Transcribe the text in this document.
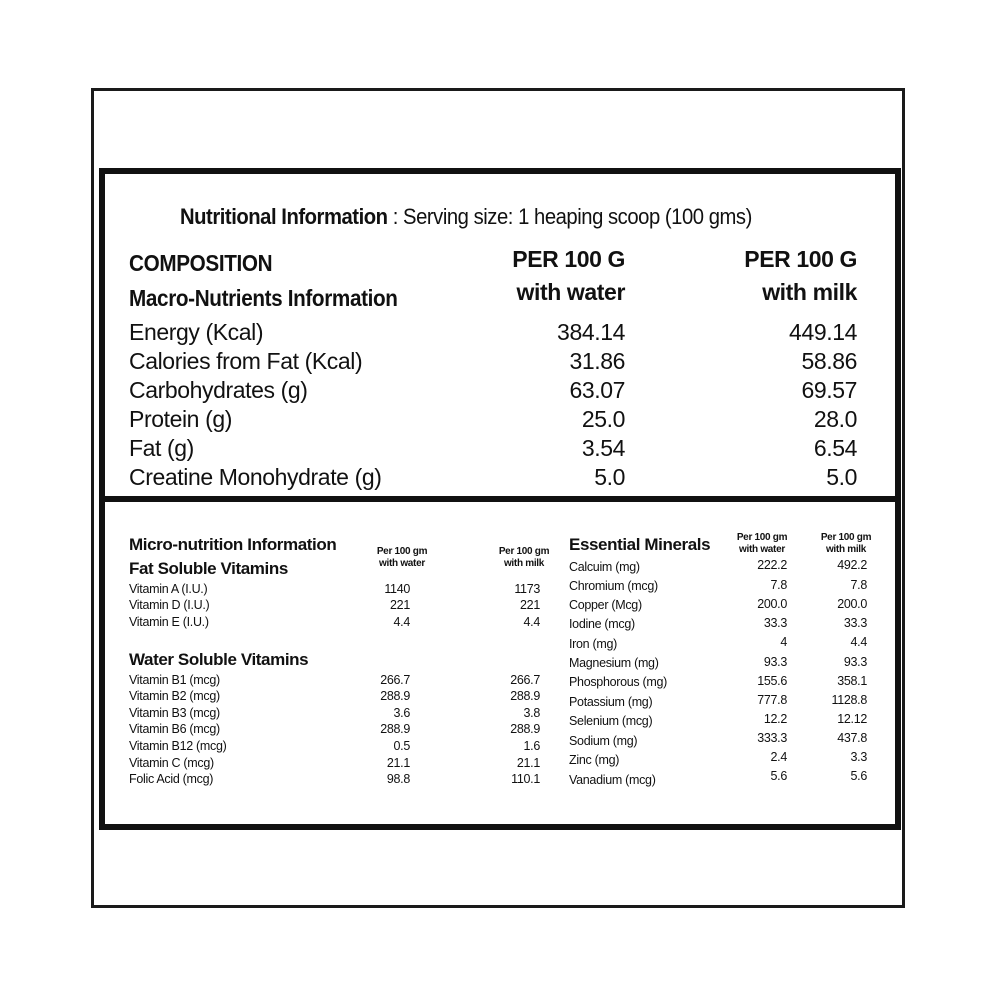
Nutritional Information : Serving size: 1 heaping scoop (100 gms)
COMPOSITION
Macro-Nutrients Information
PER 100 G
with water
PER 100 G
with milk
Energy (Kcal)	384.14	449.14
Calories from Fat (Kcal)	31.86	58.86
Carbohydrates (g)	63.07	69.57
Protein (g)	25.0	28.0
Fat (g)	3.54	6.54
Creatine Monohydrate (g)	5.0	5.0
Micro-nutrition Information
Fat Soluble Vitamins
Per 100 gm
with water
Per 100 gm
with milk
Vitamin A (I.U.)	1140	1173
Vitamin D (I.U.)	221	221
Vitamin E (I.U.)	4.4	4.4
Water Soluble Vitamins
Vitamin B1 (mcg)	266.7	266.7
Vitamin B2 (mcg)	288.9	288.9
Vitamin B3 (mcg)	3.6	3.8
Vitamin B6 (mcg)	288.9	288.9
Vitamin B12 (mcg)	0.5	1.6
Vitamin C (mcg)	21.1	21.1
Folic Acid (mcg)	98.8	110.1
Essential Minerals	Per 100 gm
with water
Per 100 gm
with milk
Calcuim (mg)	222.2	492.2
Chromium (mcg)	7.8	7.8
Copper (Mcg)	200.0	200.0
Iodine (mcg)	33.3	33.3
Iron (mg)	4	4.4
Magnesium (mg)	93.3	93.3
Phosphorous (mg)	155.6	358.1
Potassium (mg)	777.8	1128.8
Selenium (mcg)	12.2	12.12
Sodium (mg)	333.3	437.8
Zinc (mg)	2.4	3.3
Vanadium (mcg)	5.6	5.6
